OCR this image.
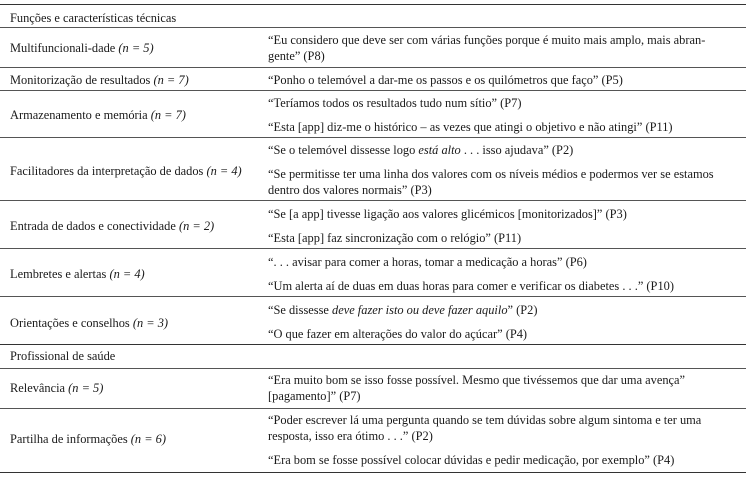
Funções e características técnicas
Multifuncionali-dade (n = 5)
“Eu considero que deve ser com várias funções porque é muito mais amplo, mais abran-
gente” (P8)
Monitorização de resultados (n = 7)	“Ponho o telemóvel a dar-me os passos e os quilómetros que faço” (P5)
Armazenamento e memória (n = 7)
“Teríamos todos os resultados tudo num sítio” (P7)
“Esta [app] diz-me o histórico – as vezes que atingi o objetivo e não atingi” (P11)
Facilitadores da interpretação de dados (n = 4)
“Se o telemóvel dissesse logo está alto . . . isso ajudava” (P2)
“Se permitisse ter uma linha dos valores com os níveis médios e podermos ver se estamos
dentro dos valores normais” (P3)
Entrada de dados e conectividade (n = 2)
“Se [a app] tivesse ligação aos valores glicémicos [monitorizados]” (P3)
“Esta [app] faz sincronização com o relógio” (P11)
Lembretes e alertas (n = 4)
“. . . avisar para comer a horas, tomar a medicação a horas” (P6)
“Um alerta aí de duas em duas horas para comer e verificar os diabetes . . .” (P10)
Orientações e conselhos (n = 3)
“Se dissesse deve fazer isto ou deve fazer aquilo” (P2)
“O que fazer em alterações do valor do açúcar” (P4)
Profissional de saúde
Relevância (n = 5)
“Era muito bom se isso fosse possível. Mesmo que tivéssemos que dar uma avença”
[pagamento]” (P7)
Partilha de informações (n = 6)
“Poder escrever lá uma pergunta quando se tem dúvidas sobre algum sintoma e ter uma
resposta, isso era ótimo . . .” (P2)
“Era bom se fosse possível colocar dúvidas e pedir medicação, por exemplo” (P4)
